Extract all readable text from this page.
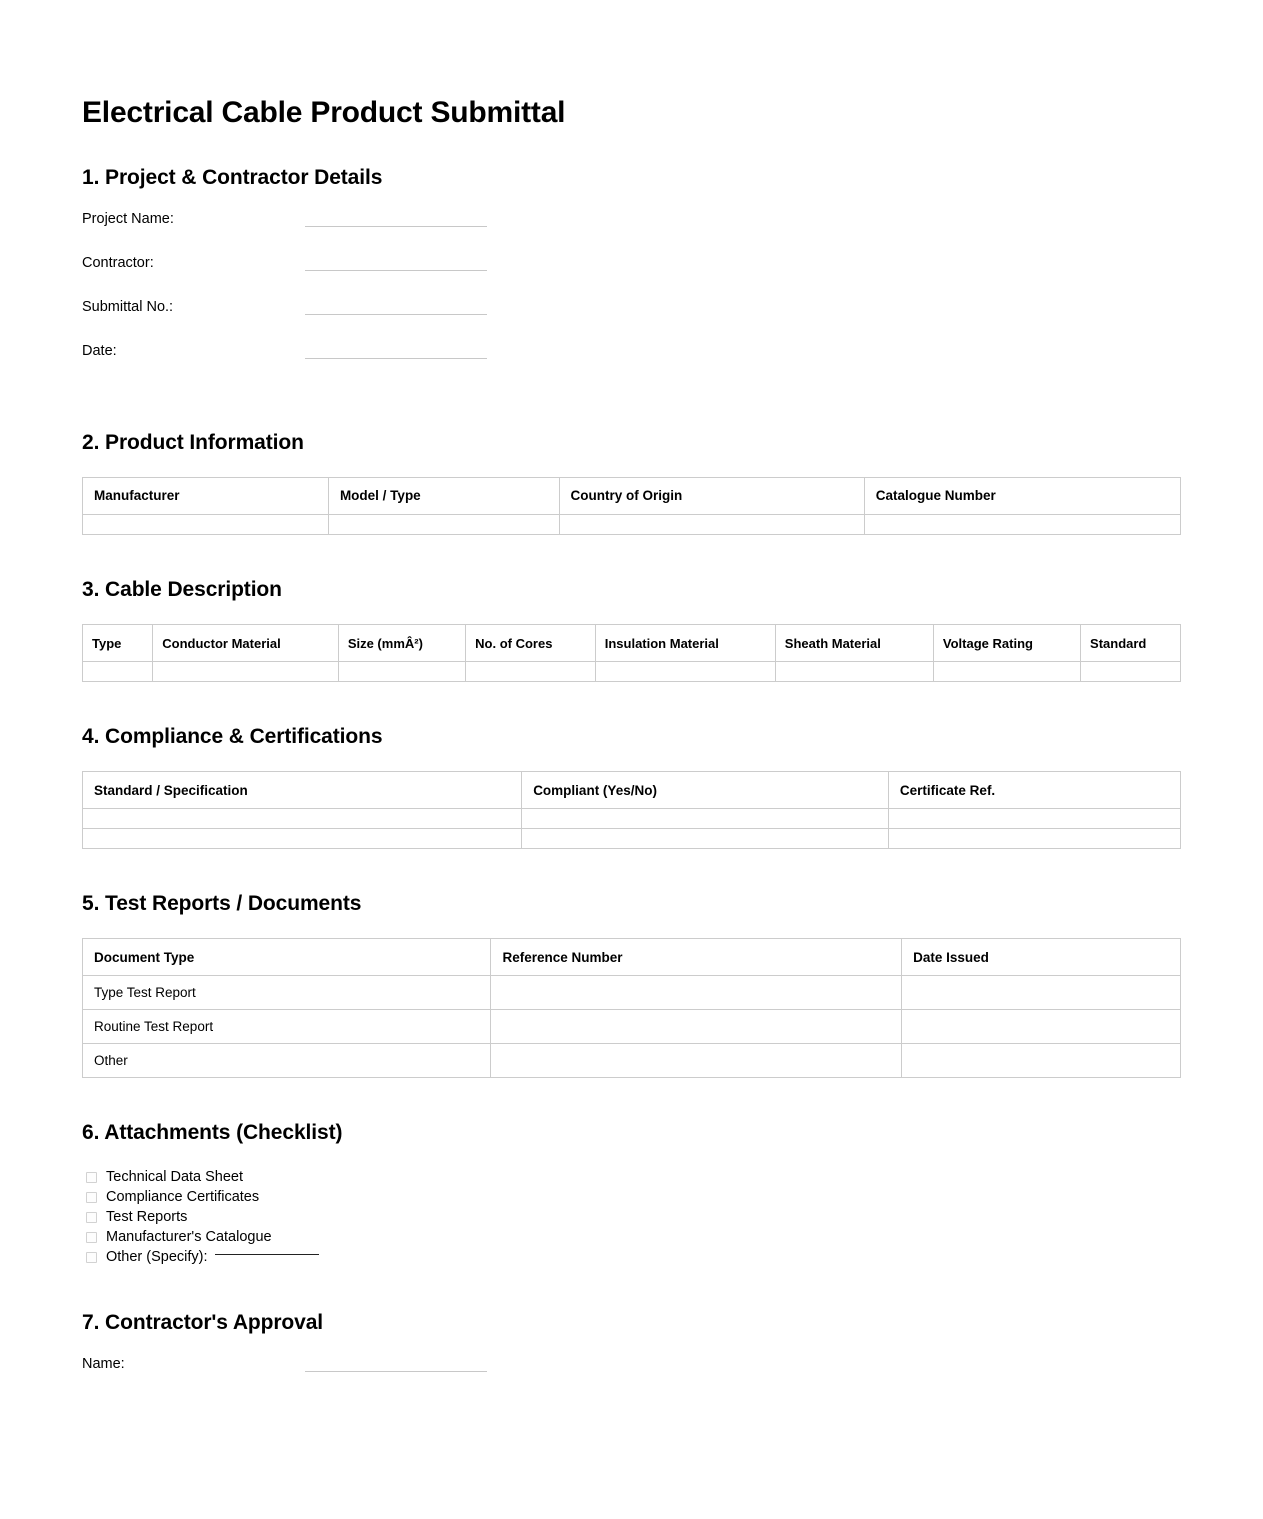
Electrical Cable Product Submittal
1. Project & Contractor Details
Project Name:
Contractor:
Submittal No.:
Date:
2. Product Information
Manufacturer	Model / Type	Country of Origin	Catalogue Number

3. Cable Description
Type	Conductor Material	Size (mmÂ²)	No. of Cores	Insulation Material	Sheath Material	Voltage Rating	Standard

4. Compliance & Certifications
Standard / Specification	Compliant (Yes/No)	Certificate Ref.

5. Test Reports / Documents
Document Type	Reference Number	Date Issued
Type Test Report		
Routine Test Report		
Other		
6. Attachments (Checklist)
Technical Data Sheet
Compliance Certificates
Test Reports
Manufacturer's Catalogue
Other (Specify):
7. Contractor's Approval
Name:
